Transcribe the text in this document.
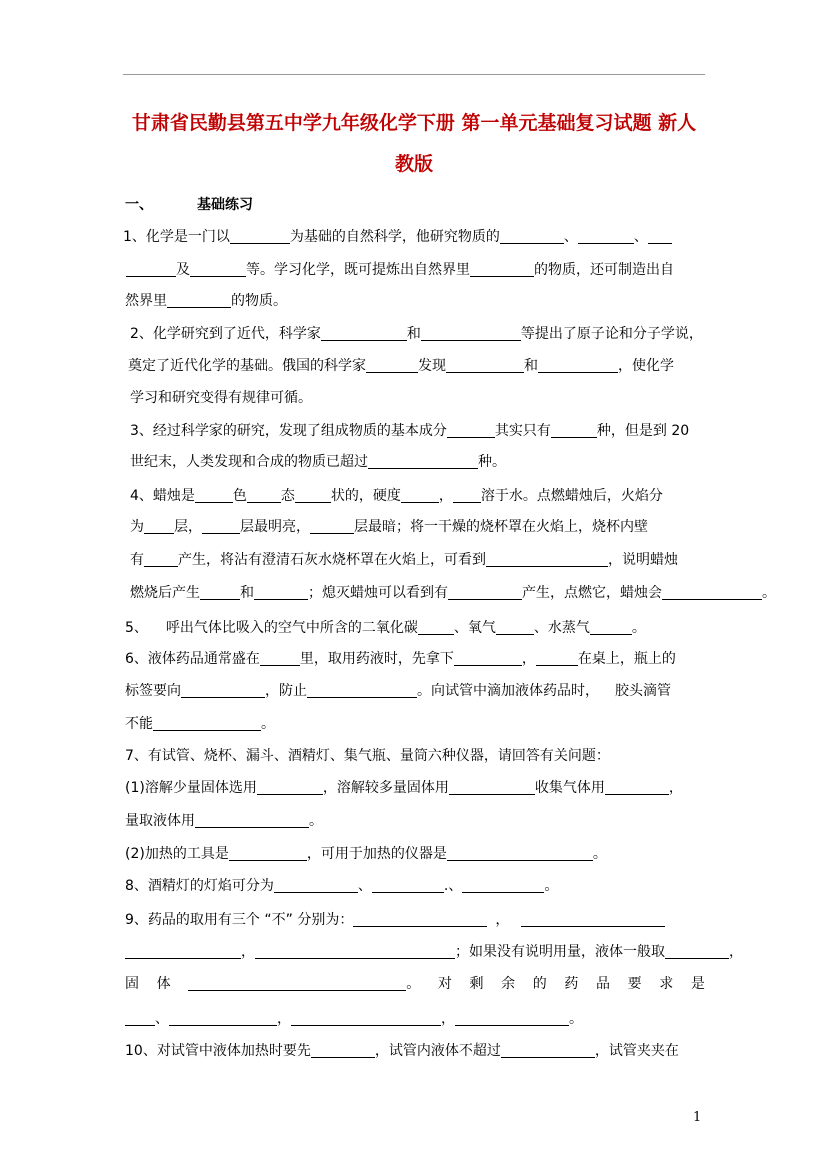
甘肃省民勤县第五中学九年级化学下册 第一单元基础复习试题 新人
教版
一、	基础练习
1、化学是一门以	为基础的自然科学，他研究物质的	、	、
及	等。学习化学，既可提炼出自然界里	的物质，还可制造出自
然界里	的物质。
2、化学研究到了近代，科学家	和	等提出了原子论和分子学说，
奠定了近代化学的基础。俄国的科学家	发现	和	，使化学
学习和研究变得有规律可循。
3、经过科学家的研究，发现了组成物质的基本成分	其实只有	种，但是到 20
世纪末，人类发现和合成的物质已超过	种。
4、蜡烛是	色 态	状的，硬度	， 溶于水。点燃蜡烛后，火焰分
为 层，	层最明亮，	层最暗；将一干燥的烧杯罩在火焰上，烧杯内壁
有 产生，将沾有澄清石灰水烧杯罩在火焰上，可看到	，说明蜡烛
燃烧后产生	和	；熄灭蜡烛可以看到有	产生，点燃它，蜡烛会	。
5、 呼出气体比吸入的空气中所含的二氧化碳	、氧气	、水蒸气	。
6、液体药品通常盛在	里，取用药液时，先拿下	，	在桌上，瓶上的
标签要向	，防止	。向试管中滴加液体药品时， 胶头滴管
不能	。
7、有试管、烧杯、漏斗、酒精灯、集气瓶、量筒六种仪器，请回答有关问题：
(1)溶解少量固体选用	，溶解较多量固体用	收集气体用	，
量取液体用	。
(2)加热的工具是	，可用于加热的仪器是	。
8、酒精灯的灯焰可分为	、	.、	。
9、药品的取用有三个 “不” 分别为：	，
，	；如果没有说明用量，液体一般取	，
固 体	。 对 剩 余 的 药 品 要 求 是
、	，	，	。
10、对试管中液体加热时要先	，试管内液体不超过	，试管夹夹在
1
